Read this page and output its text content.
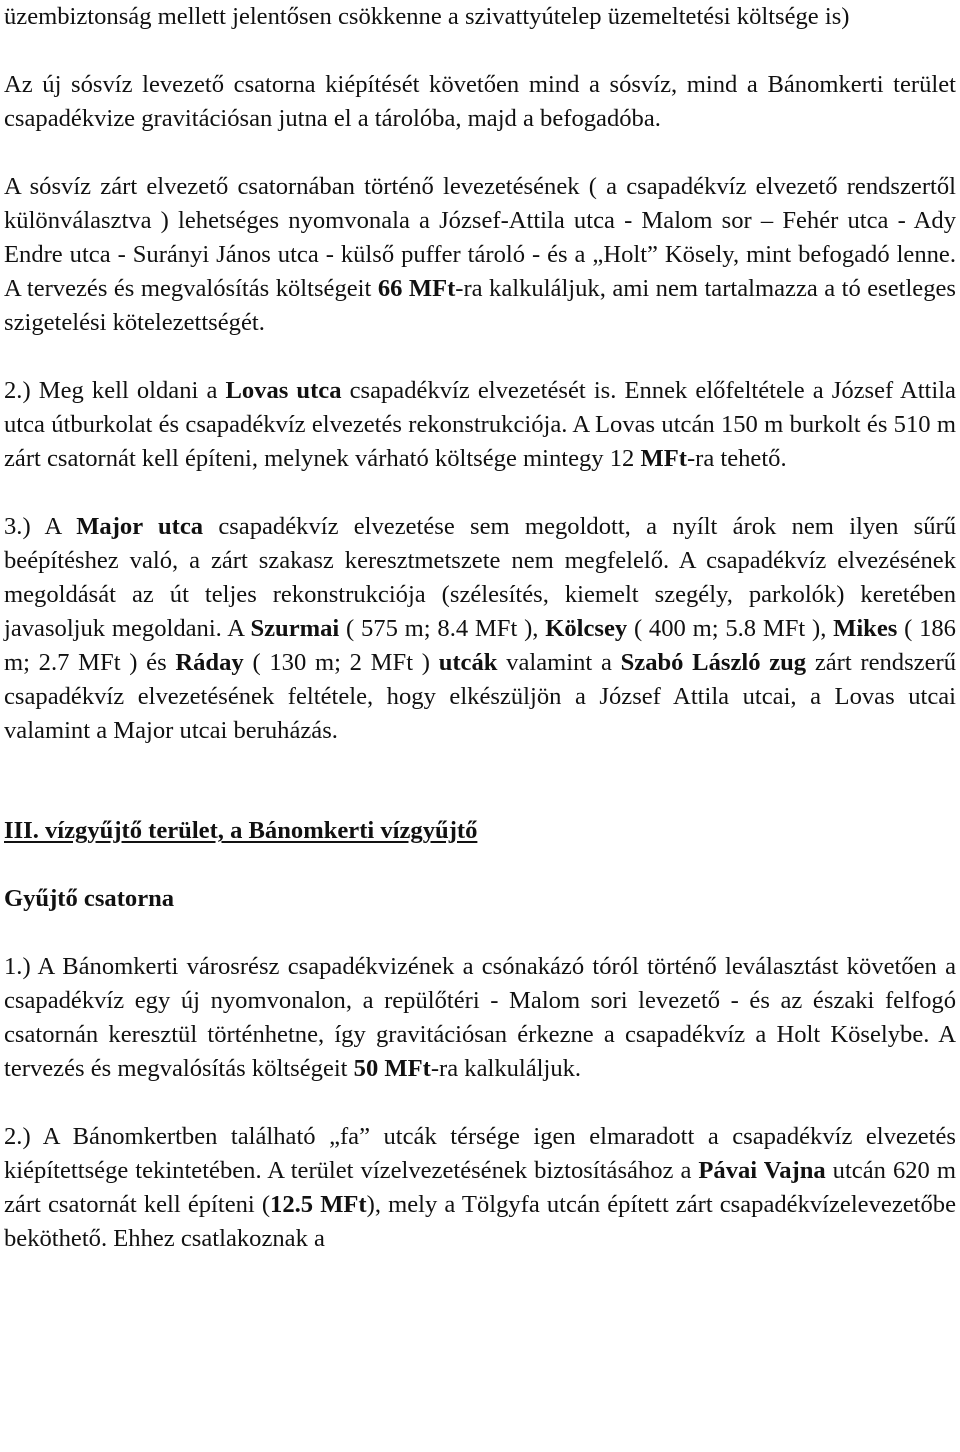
üzembiztonság mellett jelentősen csökkenne a szivattyútelep üzemeltetési költsége is)

Az új sósvíz levezető csatorna kiépítését követően mind a sósvíz, mind a Bánomkerti terület csapadékvize gravitációsan jutna el a tárolóba, majd a befogadóba.

A sósvíz zárt elvezető csatornában történő levezetésének ( a csapadékvíz elvezető rendszertől különválasztva ) lehetséges nyomvonala a József-Attila utca - Malom sor – Fehér utca - Ady Endre utca - Surányi János utca - külső puffer tároló - és a „Holt” Kösely, mint befogadó lenne. A tervezés és megvalósítás költségeit 66 MFt-ra kalkuláljuk, ami nem tartalmazza a tó esetleges szigetelési kötelezettségét.

2.) Meg kell oldani a Lovas utca csapadékvíz elvezetését is. Ennek előfeltétele a József Attila utca útburkolat és csapadékvíz elvezetés rekonstrukciója. A Lovas utcán 150 m burkolt és 510 m zárt csatornát kell építeni, melynek várható költsége mintegy 12 MFt-ra tehető.

3.) A Major utca csapadékvíz elvezetése sem megoldott, a nyílt árok nem ilyen sűrű beépítéshez való, a zárt szakasz keresztmetszete nem megfelelő. A csapadékvíz elvezésének megoldását az út teljes rekonstrukciója (szélesítés, kiemelt szegély, parkolók) keretében javasoljuk megoldani. A Szurmai ( 575 m; 8.4 MFt ), Kölcsey ( 400 m; 5.8 MFt ), Mikes ( 186 m; 2.7 MFt ) és Ráday ( 130 m; 2 MFt ) utcák valamint a Szabó László zug zárt rendszerű csapadékvíz elvezetésének feltétele, hogy elkészüljön a József Attila utcai, a Lovas utcai valamint a Major utcai beruházás.

III. vízgyűjtő terület, a Bánomkerti vízgyűjtő

Gyűjtő csatorna

1.) A Bánomkerti városrész csapadékvizének a csónakázó tóról történő leválasztást követően a csapadékvíz egy új nyomvonalon, a repülőtéri - Malom sori levezető - és az északi felfogó csatornán keresztül történhetne, így gravitációsan érkezne a csapadékvíz a Holt Köselybe. A tervezés és megvalósítás költségeit 50 MFt-ra kalkuláljuk.

2.) A Bánomkertben található „fa” utcák térsége igen elmaradott a csapadékvíz elvezetés kiépítettsége tekintetében. A terület vízelvezetésének biztosításához a Pávai Vajna utcán 620 m zárt csatornát kell építeni (12.5 MFt), mely a Tölgyfa utcán épített zárt csapadékvízelevezetőbe beköthető. Ehhez csatlakoznak a
